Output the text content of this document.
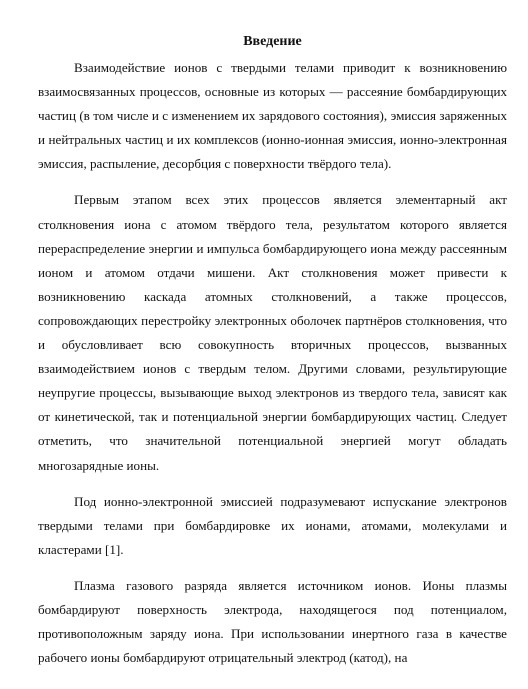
Введение

Взаимодействие ионов с твердыми телами приводит к возникновению взаимосвязанных процессов, основные из которых — рассеяние бомбардирующих частиц (в том числе и с изменением их зарядового состояния), эмиссия заряженных и нейтральных частиц и их комплексов (ионно-ионная эмиссия, ионно-электронная эмиссия, распыление, десорбция с поверхности твёрдого тела).

Первым этапом всех этих процессов является элементарный акт столкновения иона с атомом твёрдого тела, результатом которого является перераспределение энергии и импульса бомбардирующего иона между рассеянным ионом и атомом отдачи мишени. Акт столкновения может привести к возникновению каскада атомных столкновений, а также процессов, сопровождающих перестройку электронных оболочек партнёров столкновения, что и обусловливает всю совокупность вторичных процессов, вызванных взаимодействием ионов с твердым телом. Другими словами, результирующие неупругие процессы, вызывающие выход электронов из твердого тела, зависят как от кинетической, так и потенциальной энергии бомбардирующих частиц. Следует отметить, что значительной потенциальной энергией могут обладать многозарядные ионы.

Под ионно-электронной эмиссией подразумевают испускание электронов твердыми телами при бомбардировке их ионами, атомами, молекулами и кластерами [1].

Плазма газового разряда является источником ионов. Ионы плазмы бомбардируют поверхность электрода, находящегося под потенциалом, противоположным заряду иона. При использовании инертного газа в качестве рабочего ионы бомбардируют отрицательный электрод (катод), на
